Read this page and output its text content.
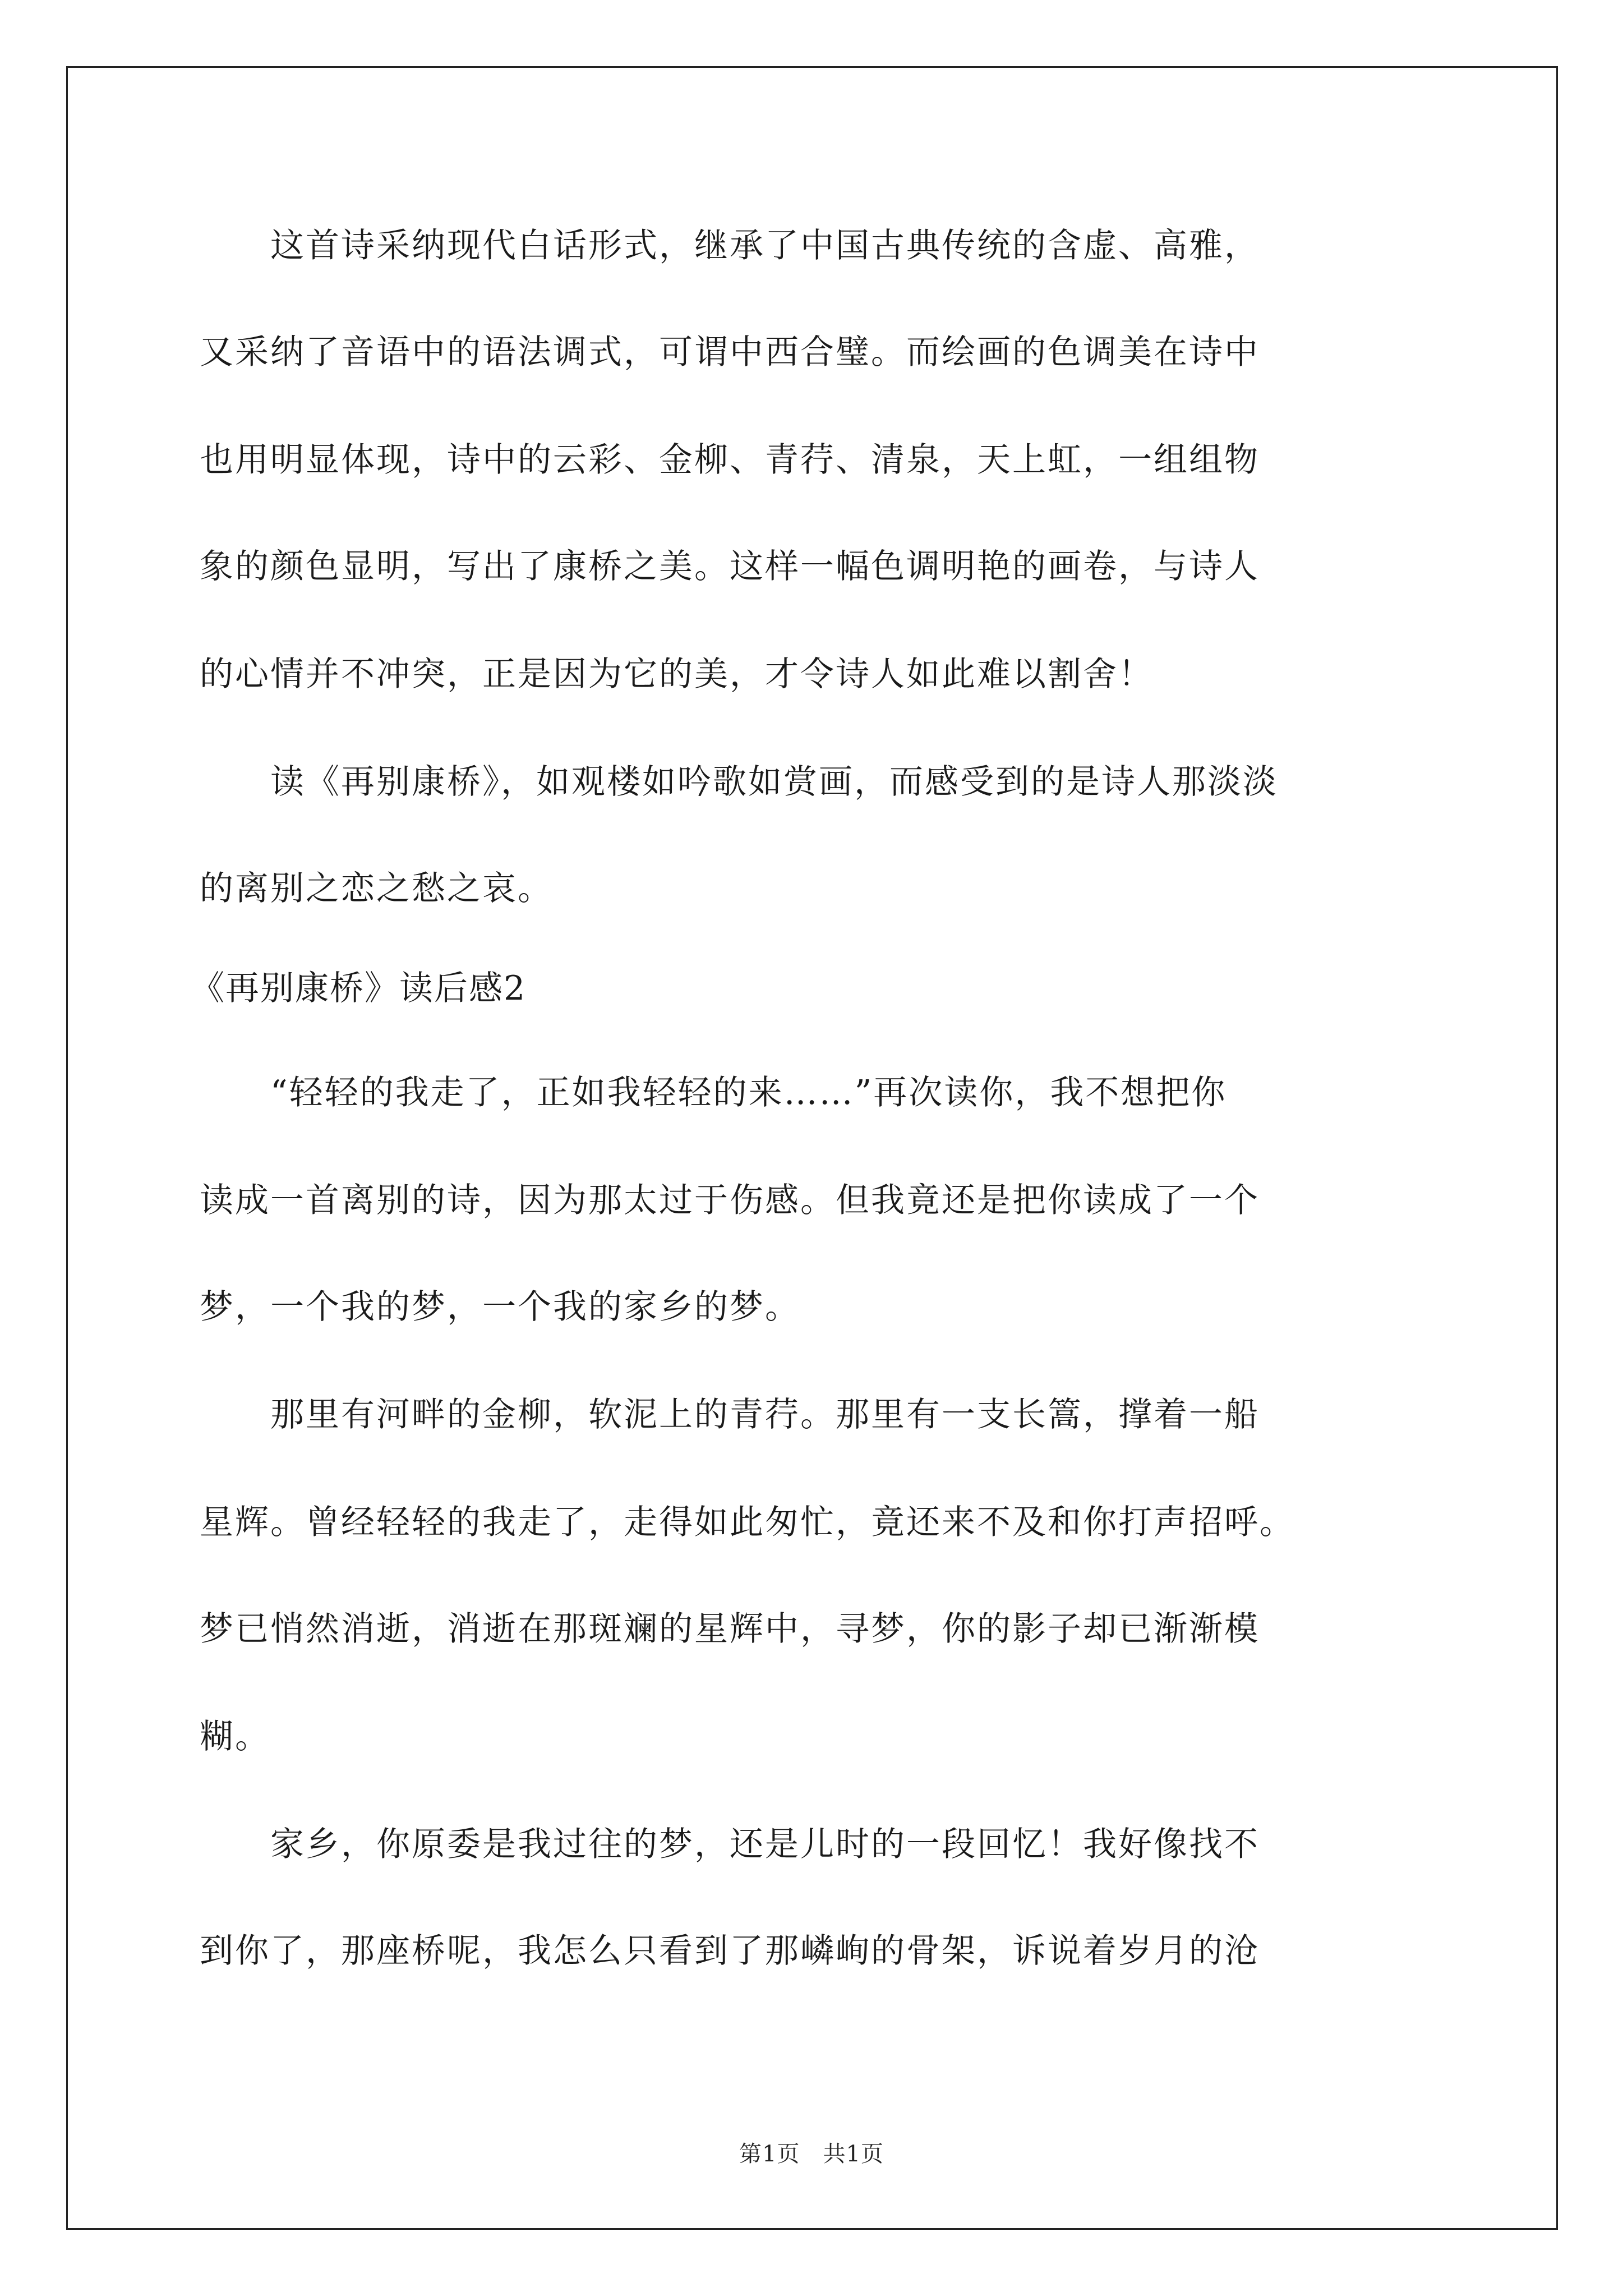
　　这首诗采纳现代白话形式，继承了中国古典传统的含虚、高雅，
又采纳了音语中的语法调式，可谓中西合璧。而绘画的色调美在诗中
也用明显体现，诗中的云彩、金柳、青荇、清泉，天上虹，一组组物
象的颜色显明，写出了康桥之美。这样一幅色调明艳的画卷，与诗人
的心情并不冲突，正是因为它的美，才令诗人如此难以割舍！
　　读《再别康桥》，如观楼如吟歌如赏画，而感受到的是诗人那淡淡
的离别之恋之愁之哀。
《再别康桥》读后感2
　　“轻轻的我走了，正如我轻轻的来……”再次读你，我不想把你
读成一首离别的诗，因为那太过于伤感。但我竟还是把你读成了一个
梦，一个我的梦，一个我的家乡的梦。
　　那里有河畔的金柳，软泥上的青荇。那里有一支长篙，撑着一船
星辉。曾经轻轻的我走了，走得如此匆忙，竟还来不及和你打声招呼。
梦已悄然消逝，消逝在那斑斓的星辉中，寻梦，你的影子却已渐渐模
糊。
　　家乡，你原委是我过往的梦，还是儿时的一段回忆！我好像找不
到你了，那座桥呢，我怎么只看到了那嶙峋的骨架，诉说着岁月的沧
第1页　共1页
